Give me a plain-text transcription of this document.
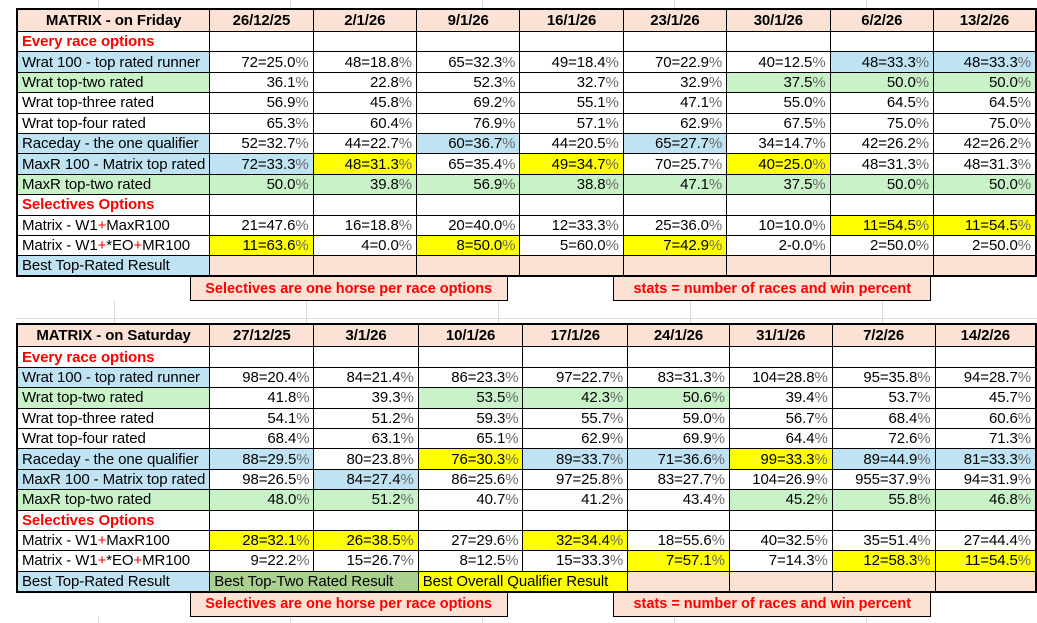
MATRIX - on Friday	26/12/25	2/1/26	9/1/26	16/1/26	23/1/26	30/1/26	6/2/26	13/2/26
Every race options								
Wrat 100 - top rated runner	72=25.0%	48=18.8%	65=32.3%	49=18.4%	70=22.9%	40=12.5%	48=33.3%	48=33.3%
Wrat top-two rated	36.1%	22.8%	52.3%	32.7%	32.9%	37.5%	50.0%	50.0%
Wrat top-three rated	56.9%	45.8%	69.2%	55.1%	47.1%	55.0%	64.5%	64.5%
Wrat top-four rated	65.3%	60.4%	76.9%	57.1%	62.9%	67.5%	75.0%	75.0%
Raceday - the one qualifier	52=32.7%	44=22.7%	60=36.7%	44=20.5%	65=27.7%	34=14.7%	42=26.2%	42=26.2%
MaxR 100 - Matrix top rated	72=33.3%	48=31.3%	65=35.4%	49=34.7%	70=25.7%	40=25.0%	48=31.3%	48=31.3%
MaxR top-two rated	50.0%	39.8%	56.9%	38.8%	47.1%	37.5%	50.0%	50.0%
Selectives Options								
Matrix - W1+MaxR100	21=47.6%	16=18.8%	20=40.0%	12=33.3%	25=36.0%	10=10.0%	11=54.5%	11=54.5%
Matrix - W1+*EO+MR100	11=63.6%	4=0.0%	8=50.0%	5=60.0%	7=42.9%	2-0.0%	2=50.0%	2=50.0%
Best Top-Rated Result								
Selectives are one horse per race options	stats = number of races and win percent
MATRIX - on Saturday	27/12/25	3/1/26	10/1/26	17/1/26	24/1/26	31/1/26	7/2/26	14/2/26
Every race options								
Wrat 100 - top rated runner	98=20.4%	84=21.4%	86=23.3%	97=22.7%	83=31.3%	104=28.8%	95=35.8%	94=28.7%
Wrat top-two rated	41.8%	39.3%	53.5%	42.3%	50.6%	39.4%	53.7%	45.7%
Wrat top-three rated	54.1%	51.2%	59.3%	55.7%	59.0%	56.7%	68.4%	60.6%
Wrat top-four rated	68.4%	63.1%	65.1%	62.9%	69.9%	64.4%	72.6%	71.3%
Raceday - the one qualifier	88=29.5%	80=23.8%	76=30.3%	89=33.7%	71=36.6%	99=33.3%	89=44.9%	81=33.3%
MaxR 100 - Matrix top rated	98=26.5%	84=27.4%	86=25.6%	97=25.8%	83=27.7%	104=26.9%	955=37.9%	94=31.9%
MaxR top-two rated	48.0%	51.2%	40.7%	41.2%	43.4%	45.2%	55.8%	46.8%
Selectives Options								
Matrix - W1+MaxR100	28=32.1%	26=38.5%	27=29.6%	32=34.4%	18=55.6%	40=32.5%	35=51.4%	27=44.4%
Matrix - W1+*EO+MR100	9=22.2%	15=26.7%	8=12.5%	15=33.3%	7=57.1%	7=14.3%	12=58.3%	11=54.5%
Best Top-Rated Result	Best Top-Two Rated Result		Best Overall Qualifier Result					
Selectives are one horse per race options	stats = number of races and win percent
